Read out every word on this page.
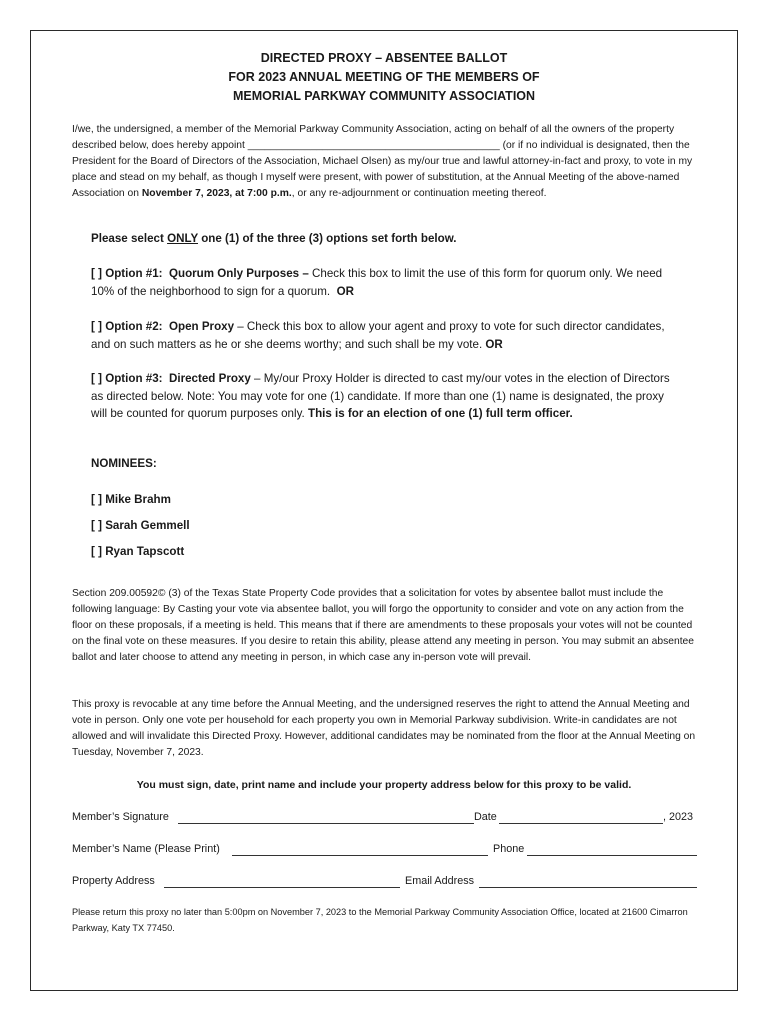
DIRECTED PROXY – ABSENTEE BALLOT
FOR 2023 ANNUAL MEETING OF THE MEMBERS OF
MEMORIAL PARKWAY COMMUNITY ASSOCIATION
I/we, the undersigned, a member of the Memorial Parkway Community Association, acting on behalf of all the owners of the property described below, does hereby appoint ____________________________________________ (or if no individual is designated, then the President for the Board of Directors of the Association, Michael Olsen) as my/our true and lawful attorney-in-fact and proxy, to vote in my place and stead on my behalf, as though I myself were present, with power of substitution, at the Annual Meeting of the above-named Association on November 7, 2023, at 7:00 p.m., or any re-adjournment or continuation meeting thereof.
Please select ONLY one (1) of the three (3) options set forth below.
[ ] Option #1: Quorum Only Purposes – Check this box to limit the use of this form for quorum only. We need 10% of the neighborhood to sign for a quorum. OR
[ ] Option #2: Open Proxy – Check this box to allow your agent and proxy to vote for such director candidates, and on such matters as he or she deems worthy; and such shall be my vote. OR
[ ] Option #3: Directed Proxy – My/our Proxy Holder is directed to cast my/our votes in the election of Directors as directed below. Note: You may vote for one (1) candidate. If more than one (1) name is designated, the proxy will be counted for quorum purposes only. This is for an election of one (1) full term officer.
NOMINEES:
[ ] Mike Brahm
[ ] Sarah Gemmell
[ ] Ryan Tapscott
Section 209.00592© (3) of the Texas State Property Code provides that a solicitation for votes by absentee ballot must include the following language: By Casting your vote via absentee ballot, you will forgo the opportunity to consider and vote on any action from the floor on these proposals, if a meeting is held. This means that if there are amendments to these proposals your votes will not be counted on the final vote on these measures. If you desire to retain this ability, please attend any meeting in person. You may submit an absentee ballot and later choose to attend any meeting in person, in which case any in-person vote will prevail.
This proxy is revocable at any time before the Annual Meeting, and the undersigned reserves the right to attend the Annual Meeting and vote in person. Only one vote per household for each property you own in Memorial Parkway subdivision. Write-in candidates are not allowed and will invalidate this Directed Proxy. However, additional candidates may be nominated from the floor at the Annual Meeting on Tuesday, November 7, 2023.
You must sign, date, print name and include your property address below for this proxy to be valid.
Member’s Signature	Date	, 2023
Member’s Name (Please Print)	Phone
Property Address	Email Address
Please return this proxy no later than 5:00pm on November 7, 2023 to the Memorial Parkway Community Association Office, located at 21600 Cimarron Parkway, Katy TX 77450.
